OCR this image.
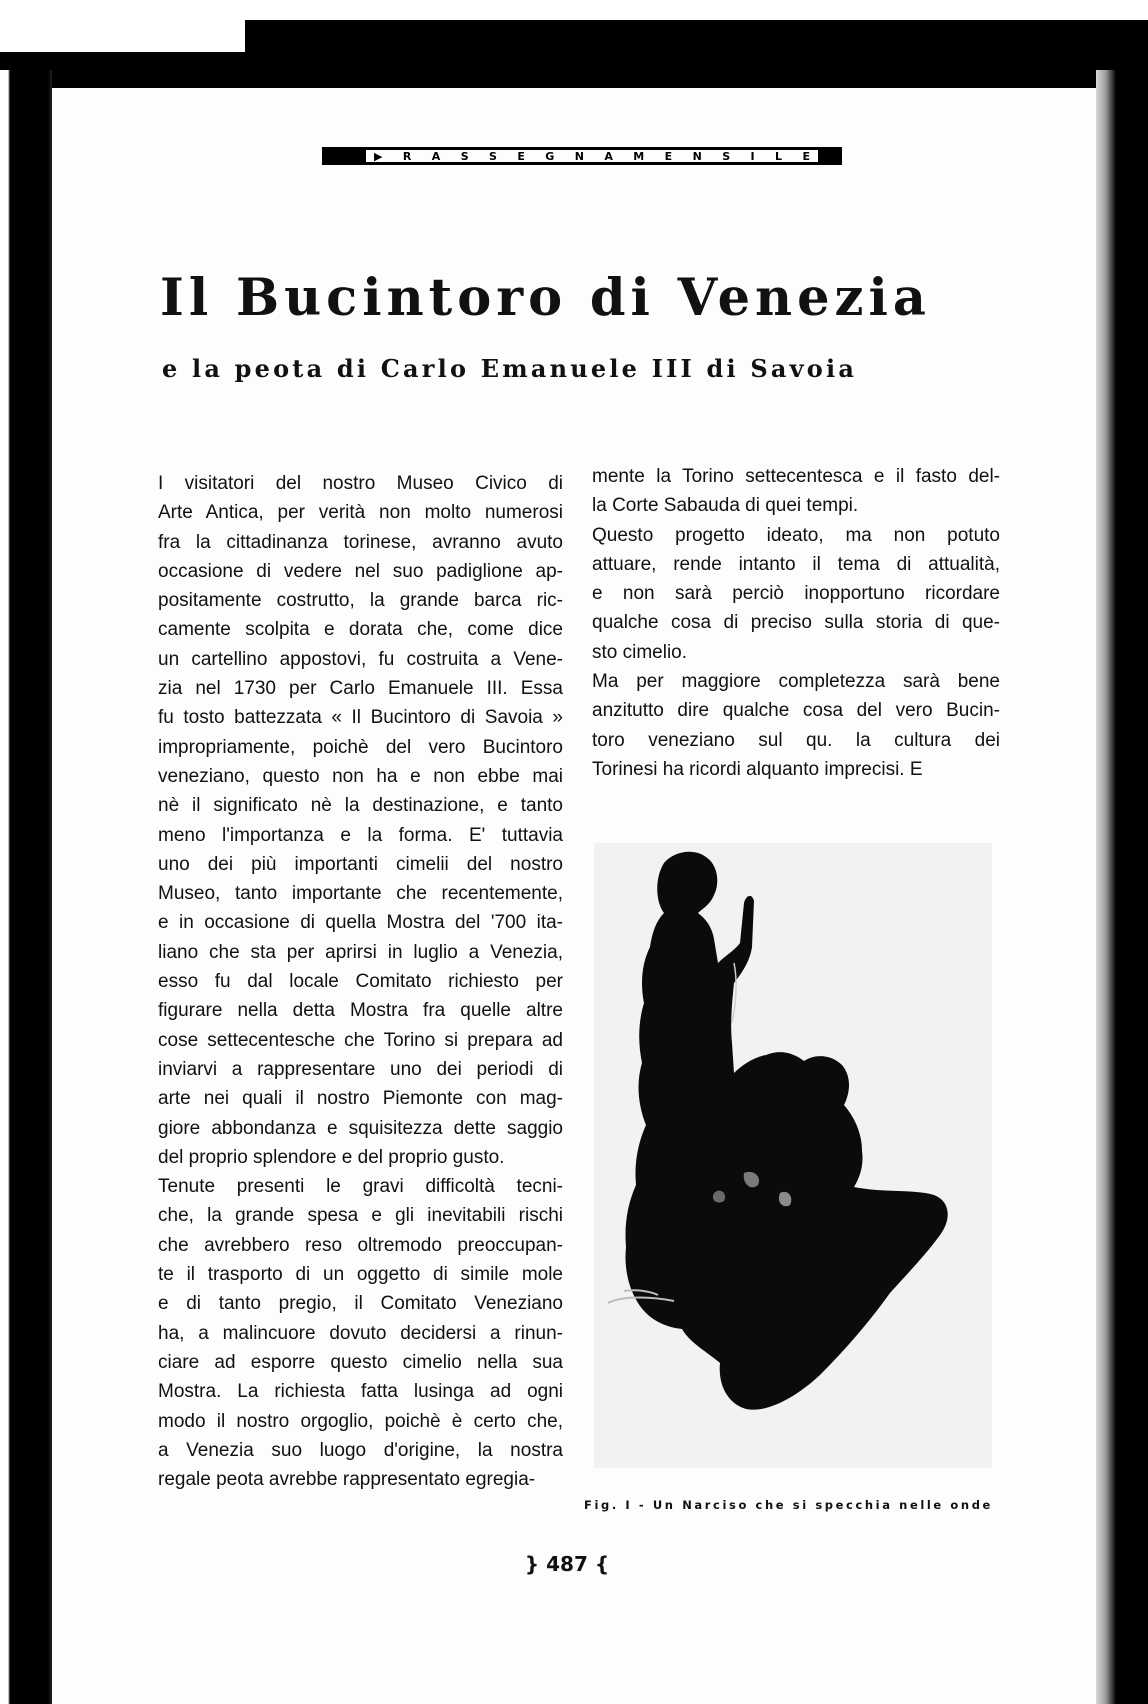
▶ R A S S E G N A M E N S I L E
Il Bucintoro di Venezia
e la peota di Carlo Emanuele III di Savoia
I visitatori del nostro Museo Civico di
Arte Antica, per verità non molto numerosi
fra la cittadinanza torinese, avranno avuto
occasione di vedere nel suo padiglione ap-
positamente costrutto, la grande barca ric-
camente scolpita e dorata che, come dice
un cartellino appostovi, fu costruita a Vene-
zia nel 1730 per Carlo Emanuele III. Essa
fu tosto battezzata « Il Bucintoro di Savoia »
impropriamente, poichè del vero Bucintoro
veneziano, questo non ha e non ebbe mai
nè il significato nè la destinazione, e tanto
meno l'importanza e la forma. E' tuttavia
uno dei più importanti cimelii del nostro
Museo, tanto importante che recentemente,
e in occasione di quella Mostra del '700 ita-
liano che sta per aprirsi in luglio a Venezia,
esso fu dal locale Comitato richiesto per
figurare nella detta Mostra fra quelle altre
cose settecentesche che Torino si prepara ad
inviarvi a rappresentare uno dei periodi di
arte nei quali il nostro Piemonte con mag-
giore abbondanza e squisitezza dette saggio
del proprio splendore e del proprio gusto.
Tenute presenti le gravi difficoltà tecni-
che, la grande spesa e gli inevitabili rischi
che avrebbero reso oltremodo preoccupan-
te il trasporto di un oggetto di simile mole
e di tanto pregio, il Comitato Veneziano
ha, a malincuore dovuto decidersi a rinun-
ciare ad esporre questo cimelio nella sua
Mostra. La richiesta fatta lusinga ad ogni
modo il nostro orgoglio, poichè è certo che,
a Venezia suo luogo d'origine, la nostra
regale peota avrebbe rappresentato egregia-
mente la Torino settecentesca e il fasto del-
la Corte Sabauda di quei tempi.
Questo progetto ideato, ma non potuto
attuare, rende intanto il tema di attualità,
e non sarà perciò inopportuno ricordare
qualche cosa di preciso sulla storia di que-
sto cimelio.
Ma per maggiore completezza sarà bene
anzitutto dire qualche cosa del vero Bucin-
toro veneziano sul qu. la cultura dei
Torinesi ha ricordi alquanto imprecisi. E
Fig. I - Un Narciso che si specchia nelle onde
} 487 {
